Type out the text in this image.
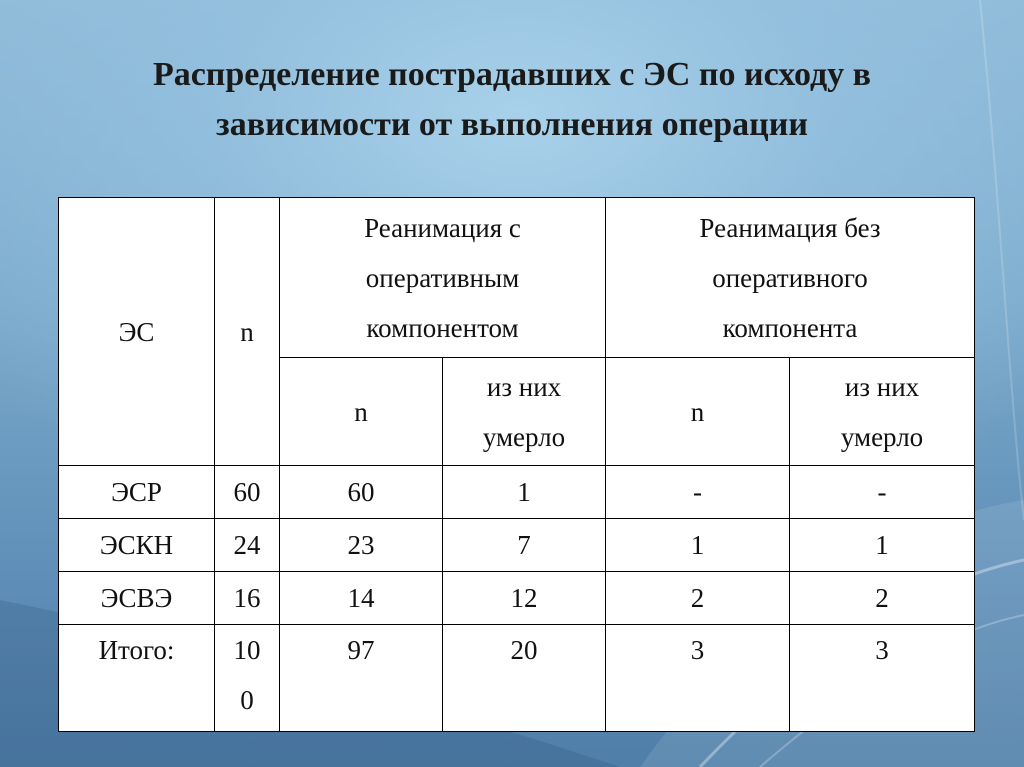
Распределение пострадавших с ЭС по исходу в
зависимости от выполнения операции
ЭС	n	Реанимация с оперативным компонентом		Реанимация без оперативного компонента	
		n	из них умерло	n	из них умерло
ЭСР	60	60	1	-	-
ЭСКН	24	23	7	1	1
ЭСВЭ	16	14	12	2	2
Итого:	100	97	20	3	3
